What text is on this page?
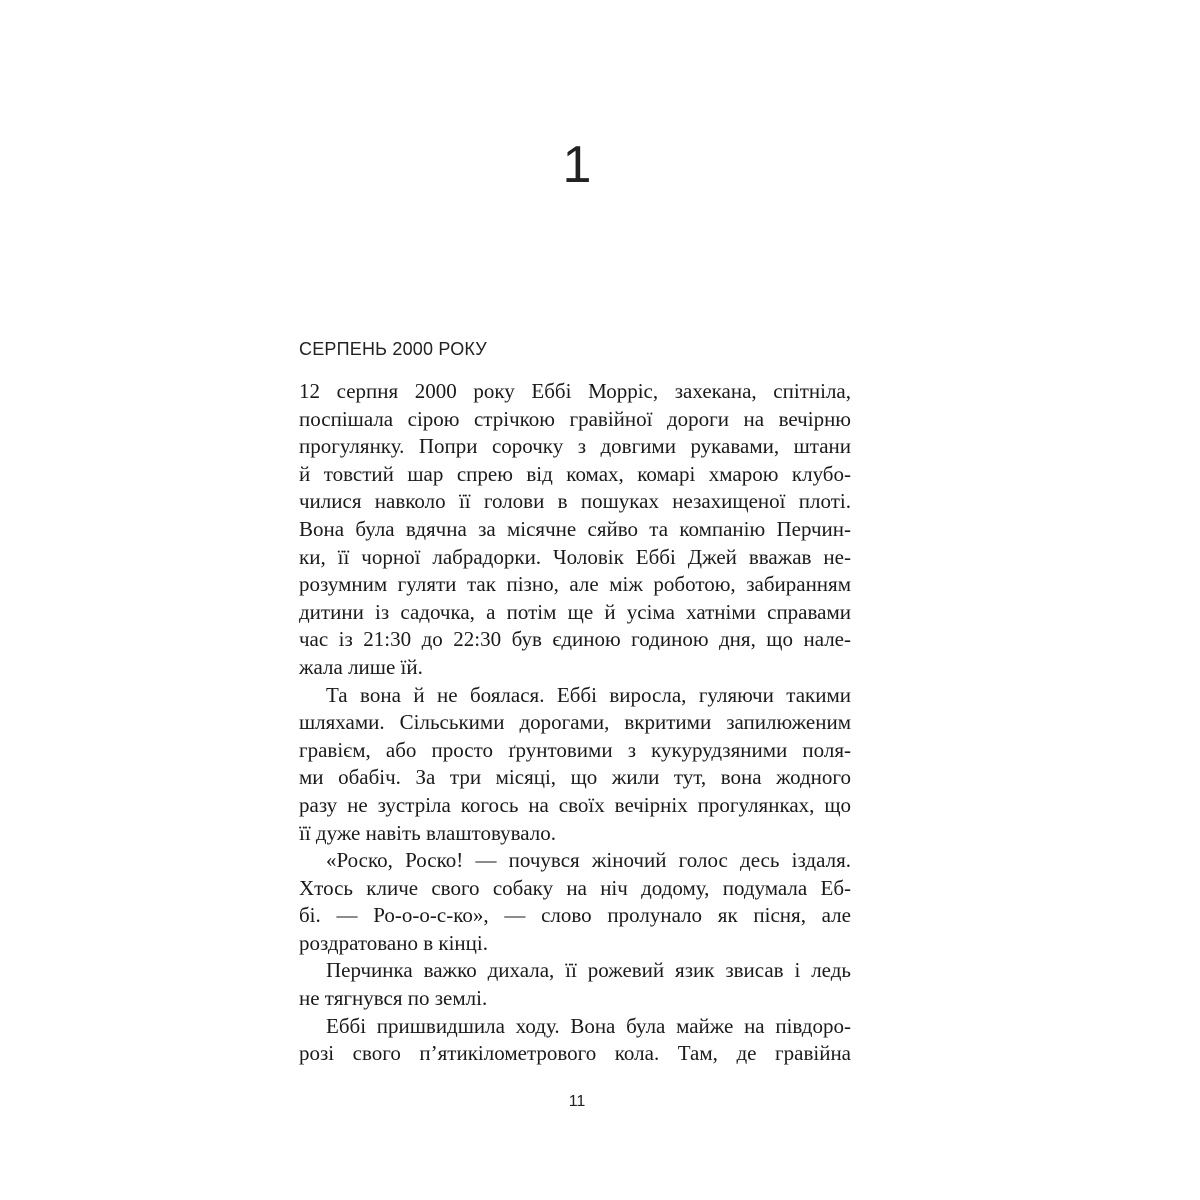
1
СЕРПЕНЬ 2000 РОКУ

12 серпня 2000 року Еббі Морріс, захекана, спітніла,
поспішала сірою стрічкою гравійної дороги на вечірню
прогулянку. Попри сорочку з довгими рукавами, штани
й товстий шар спрею від комах, комарі хмарою клубо-
чилися навколо її голови в пошуках незахищеної плоті.
Вона була вдячна за місячне сяйво та компанію Перчин-
ки, її чорної лабрадорки. Чоловік Еббі Джей вважав не-
розумним гуляти так пізно, але між роботою, забиранням
дитини із садочка, а потім ще й усіма хатніми справами
час із 21:30 до 22:30 був єдиною годиною дня, що нале-
жала лише їй.

Та вона й не боялася. Еббі виросла, гуляючи такими
шляхами. Сільськими дорогами, вкритими запилюженим
гравієм, або просто ґрунтовими з кукурудзяними поля-
ми обабіч. За три місяці, що жили тут, вона жодного
разу не зустріла когось на своїх вечірніх прогулянках, що
її дуже навіть влаштовувало.

«Роско, Роско! — почувся жіночий голос десь іздаля.
Хтось кличе свого собаку на ніч додому, подумала Еб-
бі. — Ро-о-о-с-ко», — слово пролунало як пісня, але
роздратовано в кінці.

Перчинка важко дихала, її рожевий язик звисав і ледь
не тягнувся по землі.

Еббі пришвидшила ходу. Вона була майже на півдоро-
розі свого п’ятикілометрового кола. Там, де гравійна

11
